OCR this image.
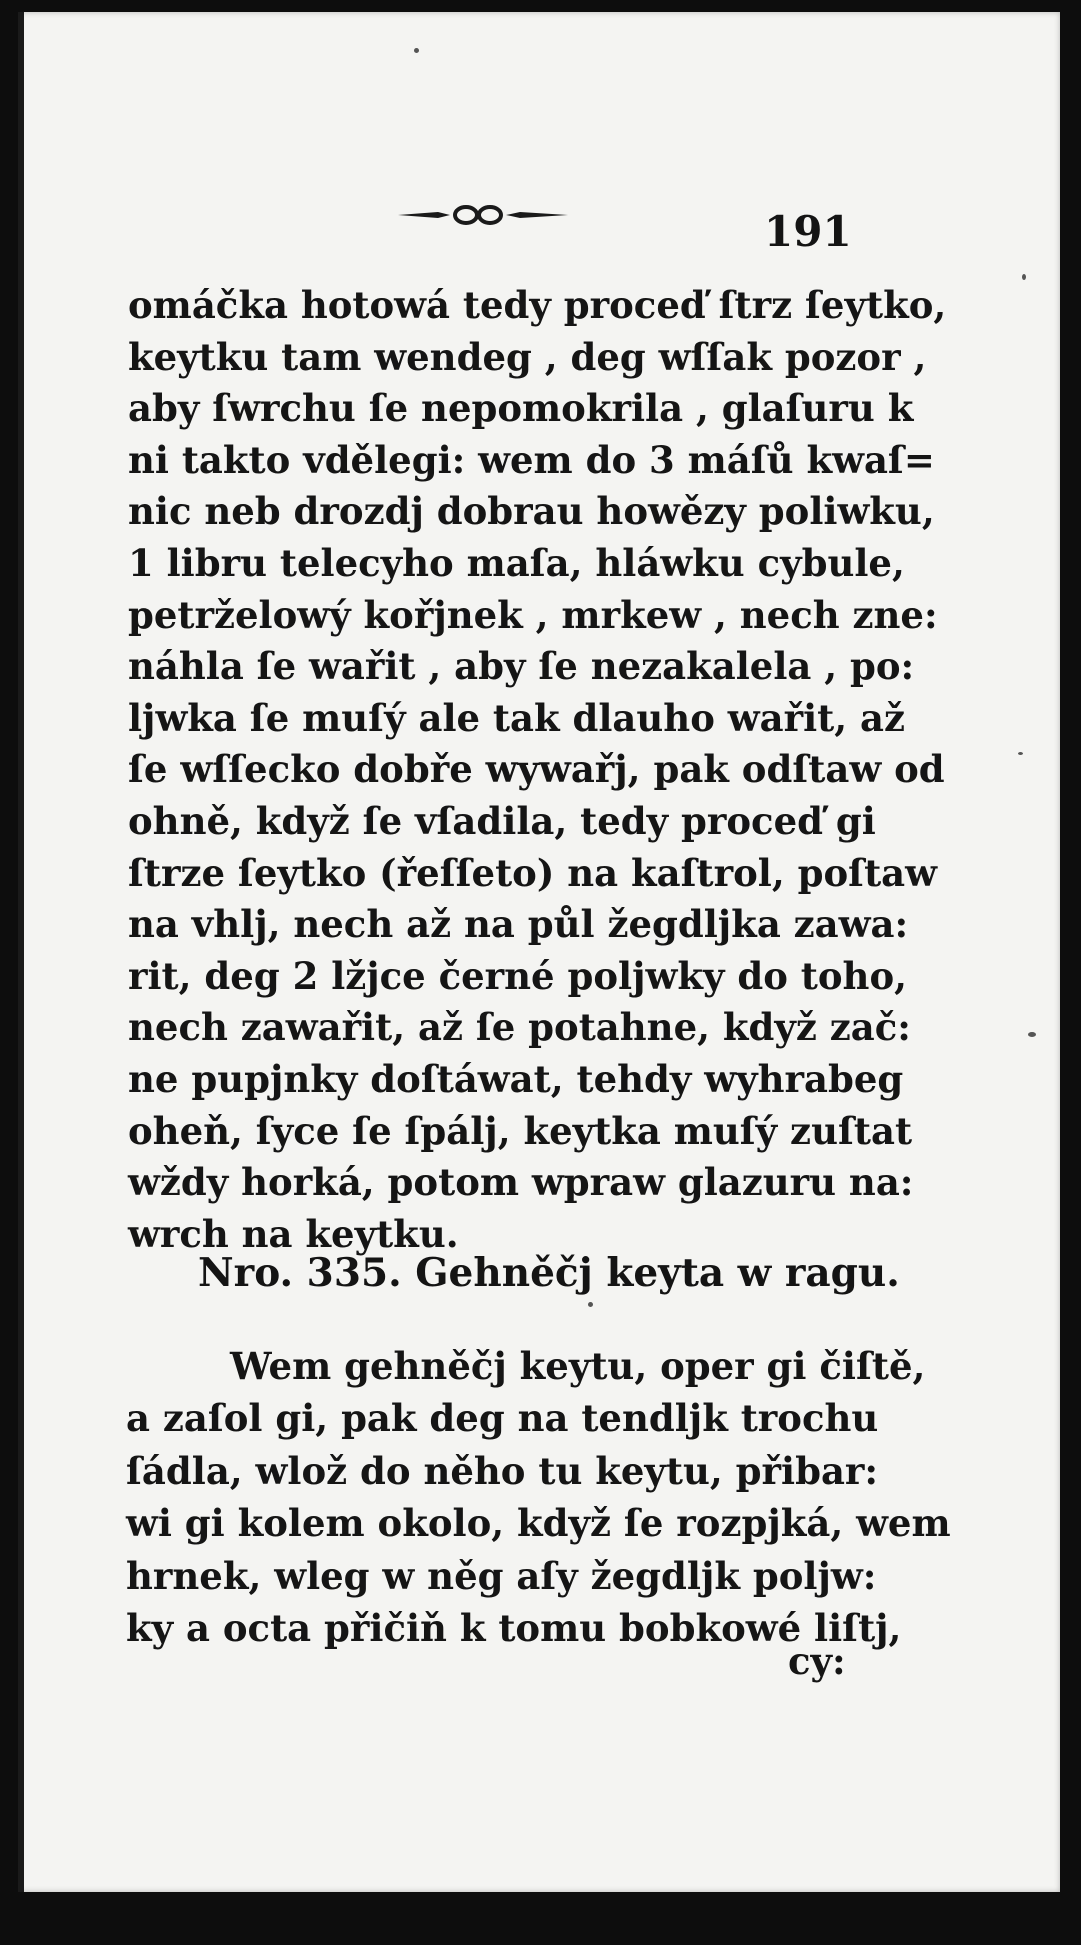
191
omáčka hotowá tedy proceď ſtrz ſeytko,
keytku tam wendeg , deg wſſak pozor ,
aby ſwrchu ſe nepomokrila , glaſuru k
ni takto vdělegi: wem do 3 máſů kwaſ=
nic neb drozdj dobrau howězy poliwku,
1 libru telecyho maſa, hláwku cybule,
petrželowý kořjnek , mrkew , nech zne:
náhla ſe wařit , aby ſe nezakalela , po:
ljwka ſe muſý ale tak dlauho wařit, až
ſe wſſecko dobře wywařj, pak odſtaw od
ohně, když ſe vſadila, tedy proceď gi
ſtrze ſeytko (řeſſeto) na kaſtrol, poſtaw
na vhlj, nech až na půl žegdljka zawa:
rit, deg 2 lžjce černé poljwky do toho,
nech zawařit, až ſe potahne, když zač:
ne pupjnky doſtáwat, tehdy wyhrabeg
oheň, ſyce ſe ſpálj, keytka muſý zuſtat
wždy horká, potom wpraw glazuru na:
wrch na keytku.
Nro. 335. Gehněčj keyta w ragu.
Wem gehněčj keytu, oper gi čiſtě,
a zaſol gi, pak deg na tendljk trochu
ſádla, wlož do něho tu keytu, přibar:
wi gi kolem okolo, když ſe rozpjká, wem
hrnek, wleg w něg aſy žegdljk poljw:
ky a octa přičiň k tomu bobkowé liſtj,
cy:
